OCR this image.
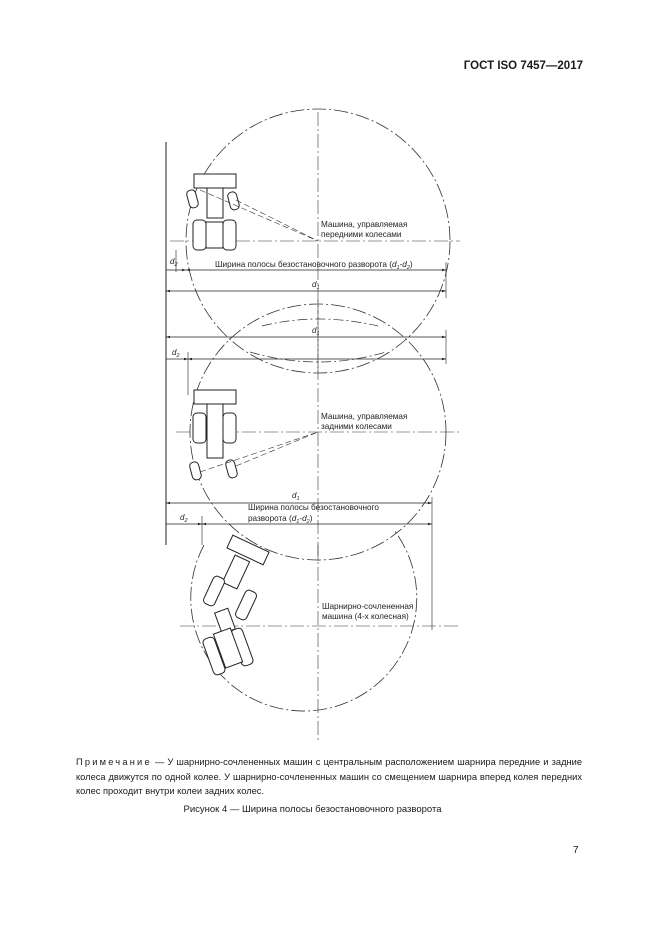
ГОСТ ISO 7457—2017
Машина, управляемая
передними колесами
$d_2$	Ширина полосы безостановочного разворота $(d_1-d_2)$
$d_1$
$d_1$
$d_2$
Машина, управляемая
задними колесами
$d_1$
$d_2$
Ширина полосы безостановочного
разворота $(d_1-d_2)$
Шарнирно-сочлененная
машина (4-х колесная)
Примечание — У шарнирно-сочлененных машин с центральным расположением шарнира передние и задние колеса движутся по одной колее. У шарнирно-сочлененных машин со смещением шарнира вперед колея передних колес проходит внутри колеи задних колес.
Рисунок 4 — Ширина полосы безостановочного разворота
7
